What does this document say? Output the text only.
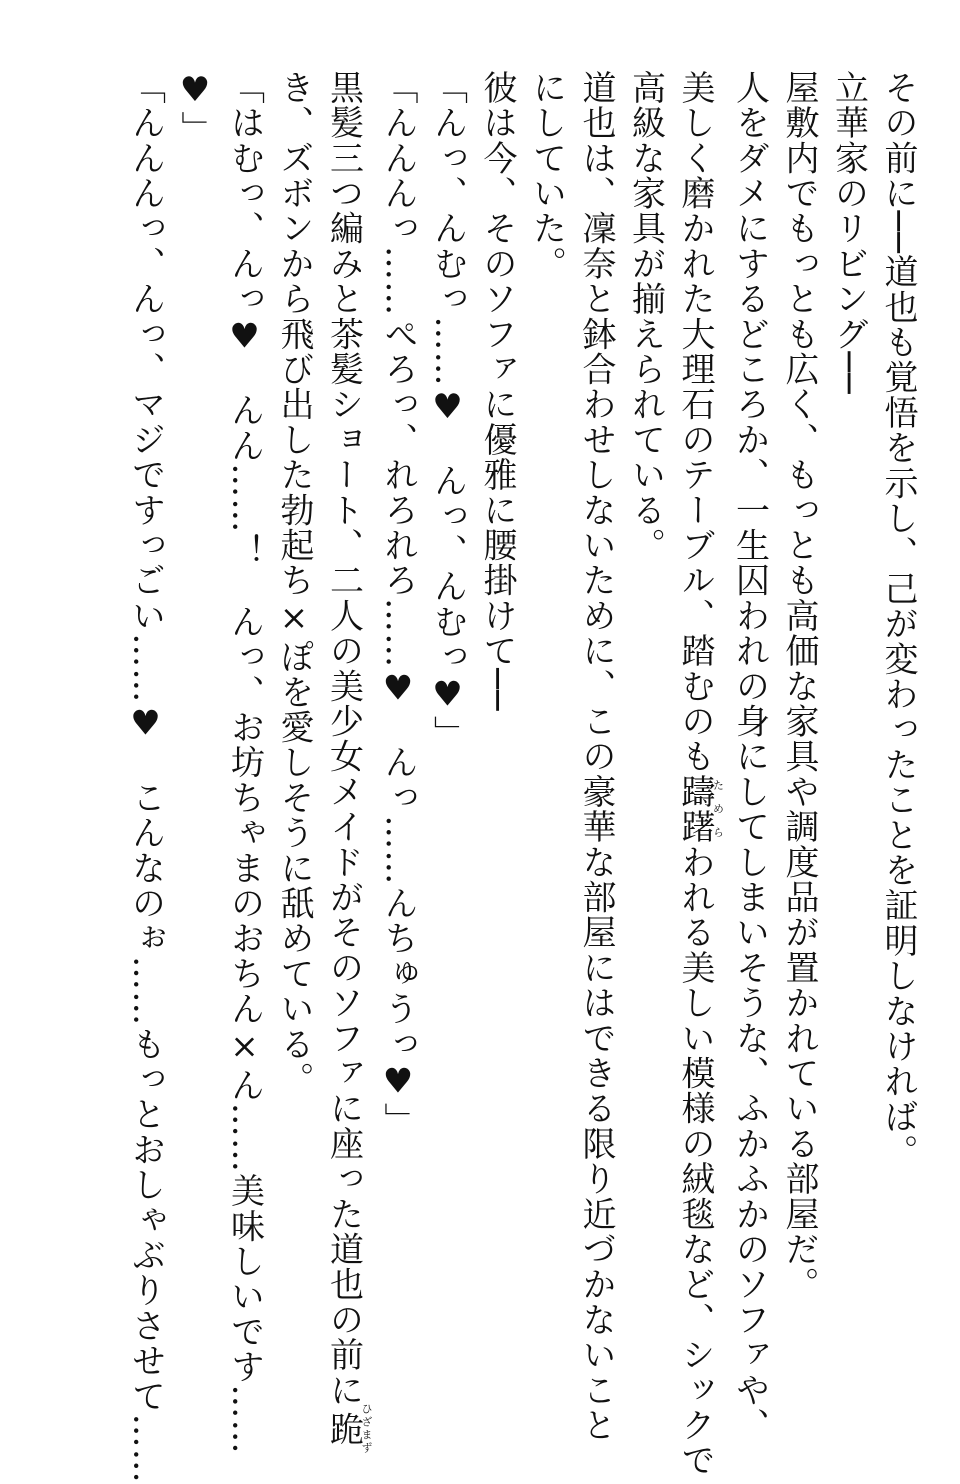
その前に──道也も覚悟を示し、己が変わったことを証明しなければ。
立華家のリビング──
屋敷内でもっとも広く、もっとも高価な家具や調度品が置かれている部屋だ。
人をダメにするどころか、一生囚われの身にしてしまいそうな、ふかふかのソファや、
美しく磨かれた大理石のテーブル、踏むのも躊躇ためらわれる美しい模様の絨毯など、シックで
高級な家具が揃えられている。
道也は、凜奈と鉢合わせしないために、この豪華な部屋にはできる限り近づかないこと
にしていた。
彼は今、そのソファに優雅に腰掛けて──
「んっ、んむっ……♥　んっ、んむっ♥」
「んんんっ……ぺろっ、れろれろ……♥　んっ……んちゅうっ♥」
黒髪三つ編みと茶髪ショート、二人の美少女メイドがそのソファに座った道也の前に跪ひざまず
き、ズボンから飛び出した勃起ち×ぽを愛しそうに舐めている。
「はむっ、んっ♥　んん……！　んっ、お坊ちゃまのおちん×ん……美味しいです……
♥」
「んんんっ、んっ、マジですっごい……♥　こんなのぉ……もっとおしゃぶりさせて……
